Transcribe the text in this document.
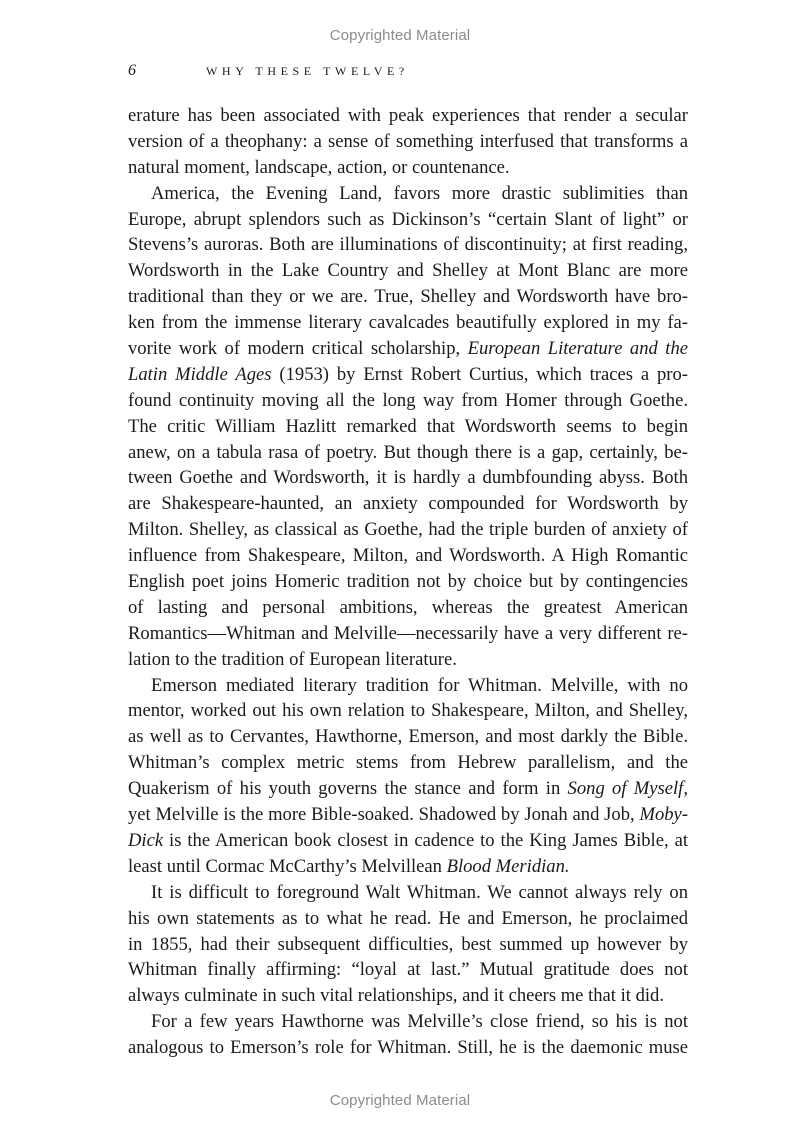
Copyrighted Material
6	WHY THESE TWELVE?
erature has been associated with peak experiences that render a secular
version of a theophany: a sense of something interfused that transforms a
natural moment, landscape, action, or countenance.
America, the Evening Land, favors more drastic sublimities than
Europe, abrupt splendors such as Dickinson’s “certain Slant of light” or
Stevens’s auroras. Both are illuminations of discontinuity; at first reading,
Wordsworth in the Lake Country and Shelley at Mont Blanc are more
traditional than they or we are. True, Shelley and Wordsworth have bro-
ken from the immense literary cavalcades beautifully explored in my fa-
vorite work of modern critical scholarship, European Literature and the
Latin Middle Ages (1953) by Ernst Robert Curtius, which traces a pro-
found continuity moving all the long way from Homer through Goethe.
The critic William Hazlitt remarked that Wordsworth seems to begin
anew, on a tabula rasa of poetry. But though there is a gap, certainly, be-
tween Goethe and Wordsworth, it is hardly a dumbfounding abyss. Both
are Shakespeare-haunted, an anxiety compounded for Wordsworth by
Milton. Shelley, as classical as Goethe, had the triple burden of anxiety of
influence from Shakespeare, Milton, and Wordsworth. A High Romantic
English poet joins Homeric tradition not by choice but by contingencies
of lasting and personal ambitions, whereas the greatest American
Romantics—Whitman and Melville—necessarily have a very different re-
lation to the tradition of European literature.
Emerson mediated literary tradition for Whitman. Melville, with no
mentor, worked out his own relation to Shakespeare, Milton, and Shelley,
as well as to Cervantes, Hawthorne, Emerson, and most darkly the Bible.
Whitman’s complex metric stems from Hebrew parallelism, and the
Quakerism of his youth governs the stance and form in Song of Myself,
yet Melville is the more Bible-soaked. Shadowed by Jonah and Job, Moby-
Dick is the American book closest in cadence to the King James Bible, at
least until Cormac McCarthy’s Melvillean Blood Meridian.
It is difficult to foreground Walt Whitman. We cannot always rely on
his own statements as to what he read. He and Emerson, he proclaimed
in 1855, had their subsequent difficulties, best summed up however by
Whitman finally affirming: “loyal at last.” Mutual gratitude does not
always culminate in such vital relationships, and it cheers me that it did.
For a few years Hawthorne was Melville’s close friend, so his is not
analogous to Emerson’s role for Whitman. Still, he is the daemonic muse
Copyrighted Material
